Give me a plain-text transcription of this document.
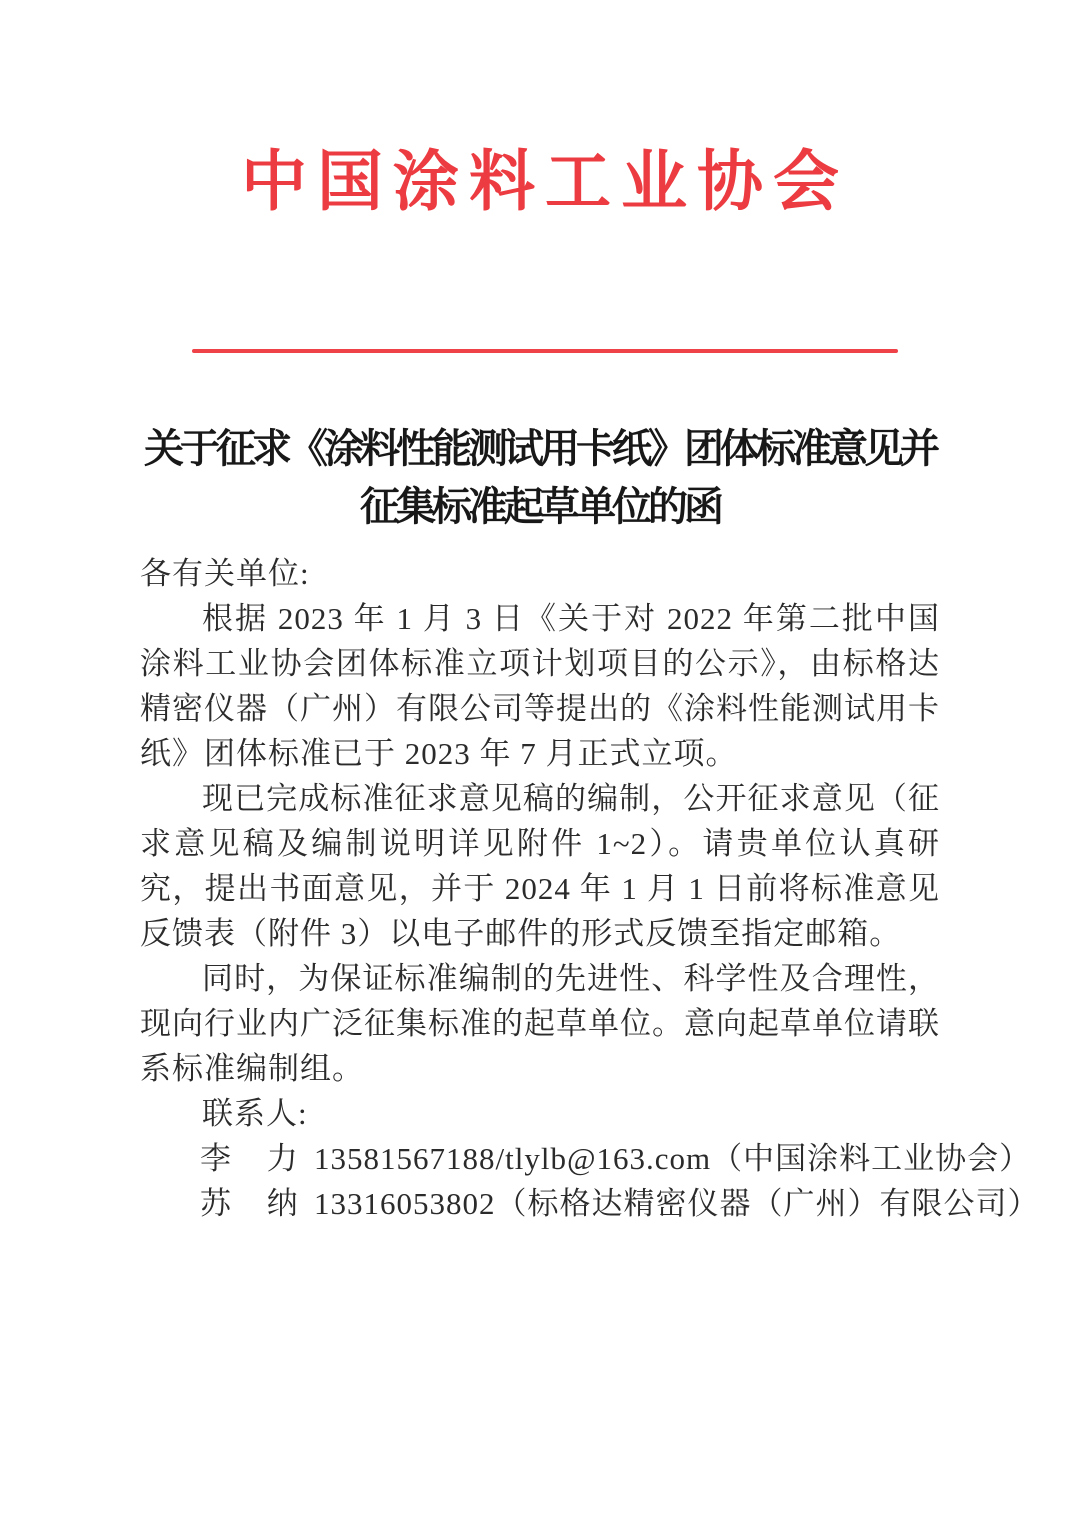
中国涂料工业协会
关于征求《涂料性能测试用卡纸》团体标准意见并
征集标准起草单位的函
各有关单位:
根据 2023 年 1 月 3 日《关于对 2022 年第二批中国涂料工业协会团体标准立项计划项目的公示》，由标格达精密仪器（广州）有限公司等提出的《涂料性能测试用卡纸》团体标准已于 2023 年 7 月正式立项。
现已完成标准征求意见稿的编制，公开征求意见（征求意见稿及编制说明详见附件 1~2）。请贵单位认真研究，提出书面意见，并于 2024 年 1 月 1 日前将标准意见反馈表（附件 3）以电子邮件的形式反馈至指定邮箱。
同时，为保证标准编制的先进性、科学性及合理性，现向行业内广泛征集标准的起草单位。意向起草单位请联系标准编制组。
联系人:
李 力 13581567188/tlylb@163.com（中国涂料工业协会）
苏 纳 13316053802（标格达精密仪器（广州）有限公司）
